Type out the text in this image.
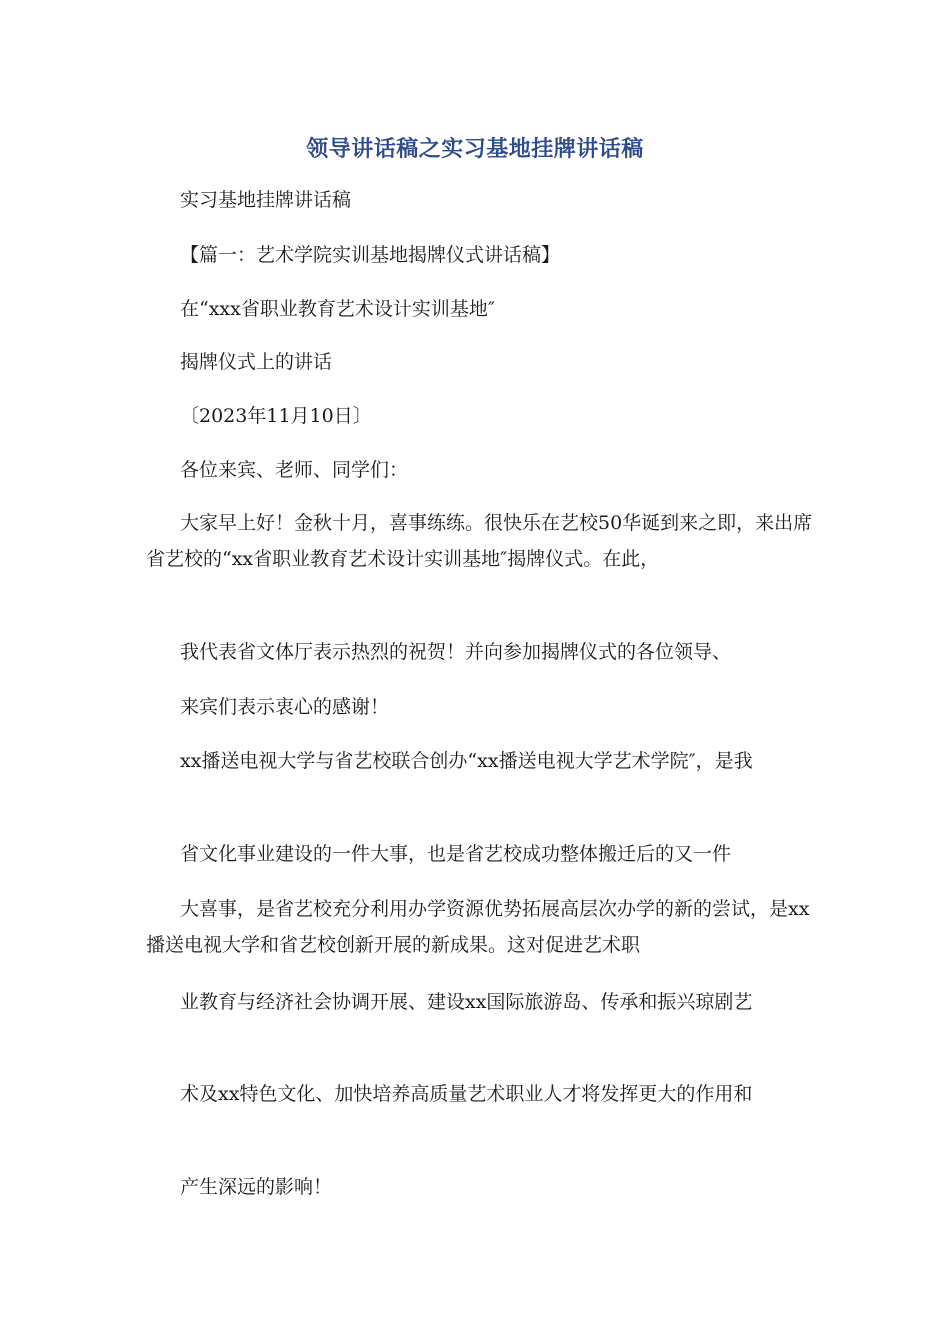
领导讲话稿之实习基地挂牌讲话稿

实习基地挂牌讲话稿

【篇一：艺术学院实训基地揭牌仪式讲话稿】

在“xxx省职业教育艺术设计实训基地″

揭牌仪式上的讲话

〔2023年11月10日〕

各位来宾、老师、同学们：

大家早上好！金秋十月，喜事练练。很快乐在艺校50华诞到来之即，来出席省艺校的“xx省职业教育艺术设计实训基地″揭牌仪式。在此，

我代表省文体厅表示热烈的祝贺！并向参加揭牌仪式的各位领导、

来宾们表示衷心的感谢！

xx播送电视大学与省艺校联合创办“xx播送电视大学艺术学院″，是我

省文化事业建设的一件大事，也是省艺校成功整体搬迁后的又一件

大喜事，是省艺校充分利用办学资源优势拓展高层次办学的新的尝试，是xx播送电视大学和省艺校创新开展的新成果。这对促进艺术职

业教育与经济社会协调开展、建设xx国际旅游岛、传承和振兴琼剧艺

术及xx特色文化、加快培养高质量艺术职业人才将发挥更大的作用和

产生深远的影响！
